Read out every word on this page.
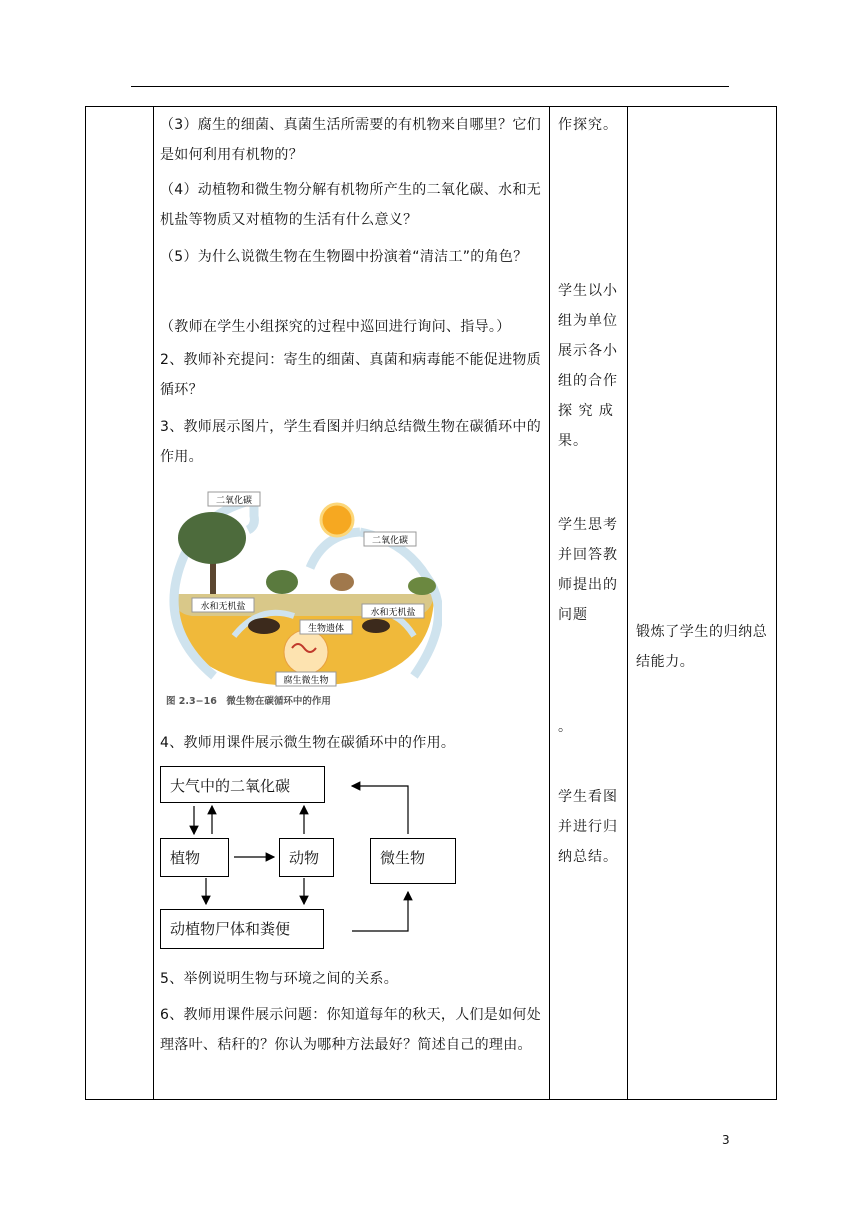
（3）腐生的细菌、真菌生活所需要的有机物来自哪里？它们是如何利用有机物的？

（4）动植物和微生物分解有机物所产生的二氧化碳、水和无机盐等物质又对植物的生活有什么意义？

（5）为什么说微生物在生物圈中扮演着“清洁工”的角色？

（教师在学生小组探究的过程中巡回进行询问、指导。）

2、教师补充提问：寄生的细菌、真菌和病毒能不能促进物质循环？

3、教师展示图片，学生看图并归纳总结微生物在碳循环中的作用。

二氧化碳
二氧化碳
水和无机盐
水和无机盐
生物遗体
腐生微生物
图 2.3−16　微生物在碳循环中的作用

4、教师用课件展示微生物在碳循环中的作用。

大气中的二氧化碳
植物	动物	微生物
动植物尸体和粪便

5、举例说明生物与环境之间的关系。

6、教师用课件展示问题：你知道每年的秋天，人们是如何处理落叶、秸秆的？你认为哪种方法最好？简述自己的理由。

作探究。

学生以小组为单位展示各小组的合作探 究 成果。

学生思考并回答教师提出的问题

。

学生看图并进行归纳总结。

锻炼了学生的归纳总结能力。

3
